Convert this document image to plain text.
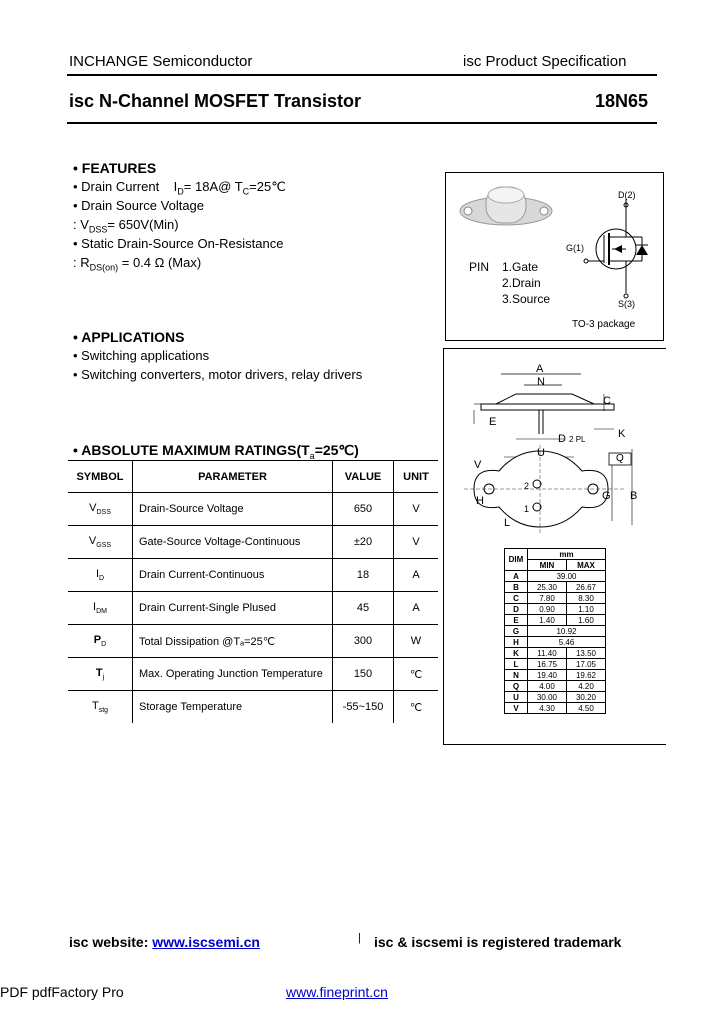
INCHANGE Semiconductor	isc Product Specification
isc N-Channel MOSFET Transistor	18N65
• FEATURES
• Drain Current $I_D=$ 18A@ $T_C=25℃$
• Drain Source Voltage
: $V_{DSS}= 650V(Min)$
• Static Drain-Source On-Resistance
: $R_{DS(on)} = 0.4$ Ω (Max)
• APPLICATIONS
• Switching applications
• Switching converters, motor drivers, relay drivers
• ABSOLUTE MAXIMUM $RATINGS(T_a=25℃)$
SYMBOL	PARAMETER	VALUE	UNIT
$V_{DSS}$	Drain-Source Voltage	650	V
$V_{GSS}$	Gate-Source Voltage-Continuous	±20	V
$I_D$	Drain Current-Continuous	18	A
$I_{DM}$	Drain Current-Single Plused	45	A
$P_D$	Total Dissipation @Tₐ=25℃	300	W
$T_j$	Max. Operating Junction Temperature	150	℃
$T_{stg}$	Storage Temperature	-55~150	℃
D(2)
G(1)
S(3)
PIN 1.Gate
2.Drain
3.Source
TO-3 package
A
N
C
E
D 2 PL	K
U
V
Q
H	G B
L
2
1
DIM	mm	
	MIN	MAX
A	39.00	
B	25.30	26.67
C	7.80	8.30
D	0.90	1.10
E	1.40	1.60
G	10.92	
H	5.46	
K	11.40	13.50
L	16.75	17.05
N	19.40	19.62
Q	4.00	4.20
U	30.00	30.20
V	4.30	4.50
isc website: www.iscsemi.cn	| isc & iscsemi is registered trademark
PDF pdfFactory Pro	www.fineprint.cn
